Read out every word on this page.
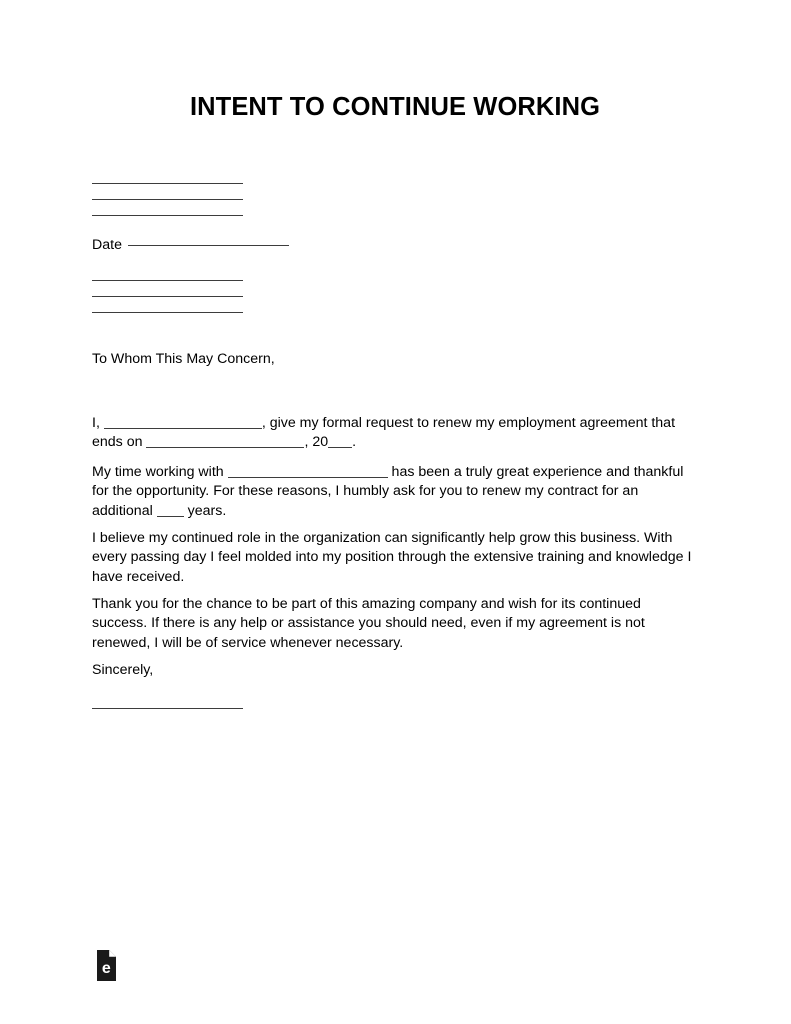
INTENT TO CONTINUE WORKING
Date
To Whom This May Concern,

I,	, give my formal request to renew my employment agreement that ends on	, 20 .

My time working with	has been a truly great experience and thankful for the opportunity. For these reasons, I humbly ask for you to renew my contract for an additional  years.

I believe my continued role in the organization can significantly help grow this business. With every passing day I feel molded into my position through the extensive training and knowledge I have received.

Thank you for the chance to be part of this amazing company and wish for its continued success. If there is any help or assistance you should need, even if my agreement is not renewed, I will be of service whenever necessary.

Sincerely,
e
